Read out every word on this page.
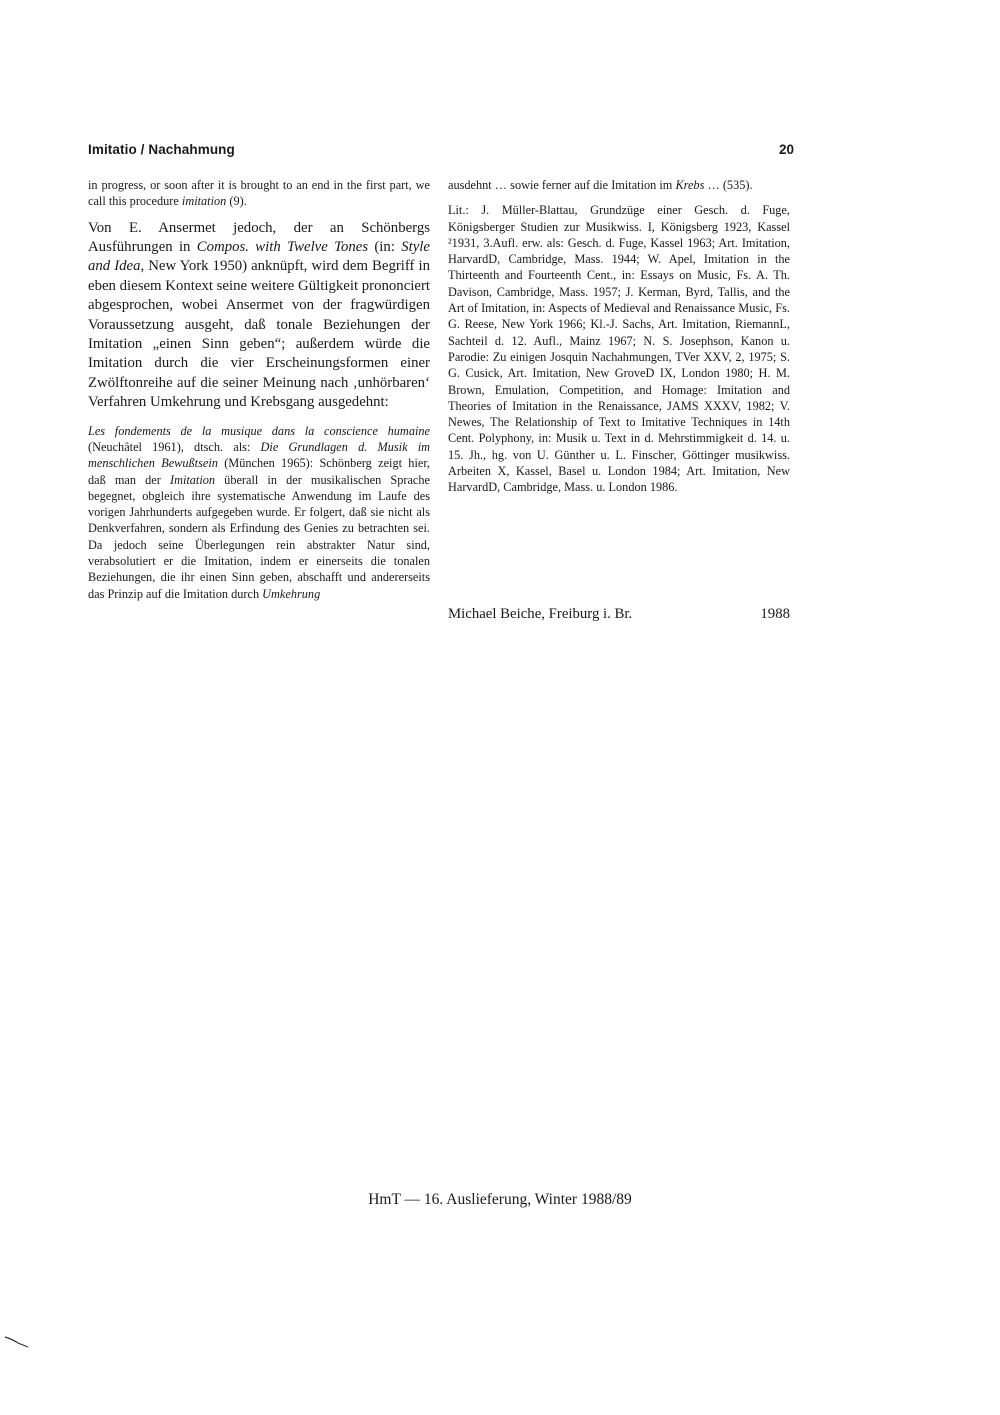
Imitatio / Nachahmung	20

in progress, or soon after it is brought to an end in the first part, we call this procedure imitation (9).

Von E. Ansermet jedoch, der an Schönbergs Ausführungen in Compos. with Twelve Tones (in: Style and Idea, New York 1950) anknüpft, wird dem Begriff in eben diesem Kontext seine weitere Gültigkeit prononciert abgesprochen, wobei Ansermet von der fragwürdigen Voraussetzung ausgeht, daß tonale Beziehungen der Imitation „einen Sinn geben“; außerdem würde die Imitation durch die vier Erscheinungsformen einer Zwölftonreihe auf die seiner Meinung nach ‚unhörbaren‘ Verfahren Umkehrung und Krebsgang ausgedehnt:

Les fondements de la musique dans la conscience humaine (Neuchâtel 1961), dtsch. als: Die Grundlagen d. Musik im menschlichen Bewußtsein (München 1965): Schönberg zeigt hier, daß man der Imitation überall in der musikalischen Sprache begegnet, obgleich ihre systematische Anwendung im Laufe des vorigen Jahrhunderts aufgegeben wurde. Er folgert, daß sie nicht als Denkverfahren, sondern als Erfindung des Genies zu betrachten sei. Da jedoch seine Überlegungen rein abstrakter Natur sind, verabsolutiert er die Imitation, indem er einerseits die tonalen Beziehungen, die ihr einen Sinn geben, abschafft und andererseits das Prinzip auf die Imitation durch Umkehrung

ausdehnt … sowie ferner auf die Imitation im Krebs … (535).

Lit.: J. Müller-Blattau, Grundzüge einer Gesch. d. Fuge, Königsberger Studien zur Musikwiss. I, Königsberg 1923, Kassel ²1931, 3.Aufl. erw. als: Gesch. d. Fuge, Kassel 1963; Art. Imitation, HarvardD, Cambridge, Mass. 1944; W. Apel, Imitation in the Thirteenth and Fourteenth Cent., in: Essays on Music, Fs. A. Th. Davison, Cambridge, Mass. 1957; J. Kerman, Byrd, Tallis, and the Art of Imitation, in: Aspects of Medieval and Renaissance Music, Fs. G. Reese, New York 1966; Kl.-J. Sachs, Art. Imitation, RiemannL, Sachteil d. 12. Aufl., Mainz 1967; N. S. Josephson, Kanon u. Parodie: Zu einigen Josquin Nachahmungen, TVer XXV, 2, 1975; S. G. Cusick, Art. Imitation, New GroveD IX, London 1980; H. M. Brown, Emulation, Competition, and Homage: Imitation and Theories of Imitation in the Renaissance, JAMS XXXV, 1982; V. Newes, The Relationship of Text to Imitative Techniques in 14th Cent. Polyphony, in: Musik u. Text in d. Mehrstimmigkeit d. 14. u. 15. Jh., hg. von U. Günther u. L. Finscher, Göttinger musikwiss. Arbeiten X, Kassel, Basel u. London 1984; Art. Imitation, New HarvardD, Cambridge, Mass. u. London 1986.

Michael Beiche, Freiburg i. Br.	1988
HmT — 16. Auslieferung, Winter 1988/89
